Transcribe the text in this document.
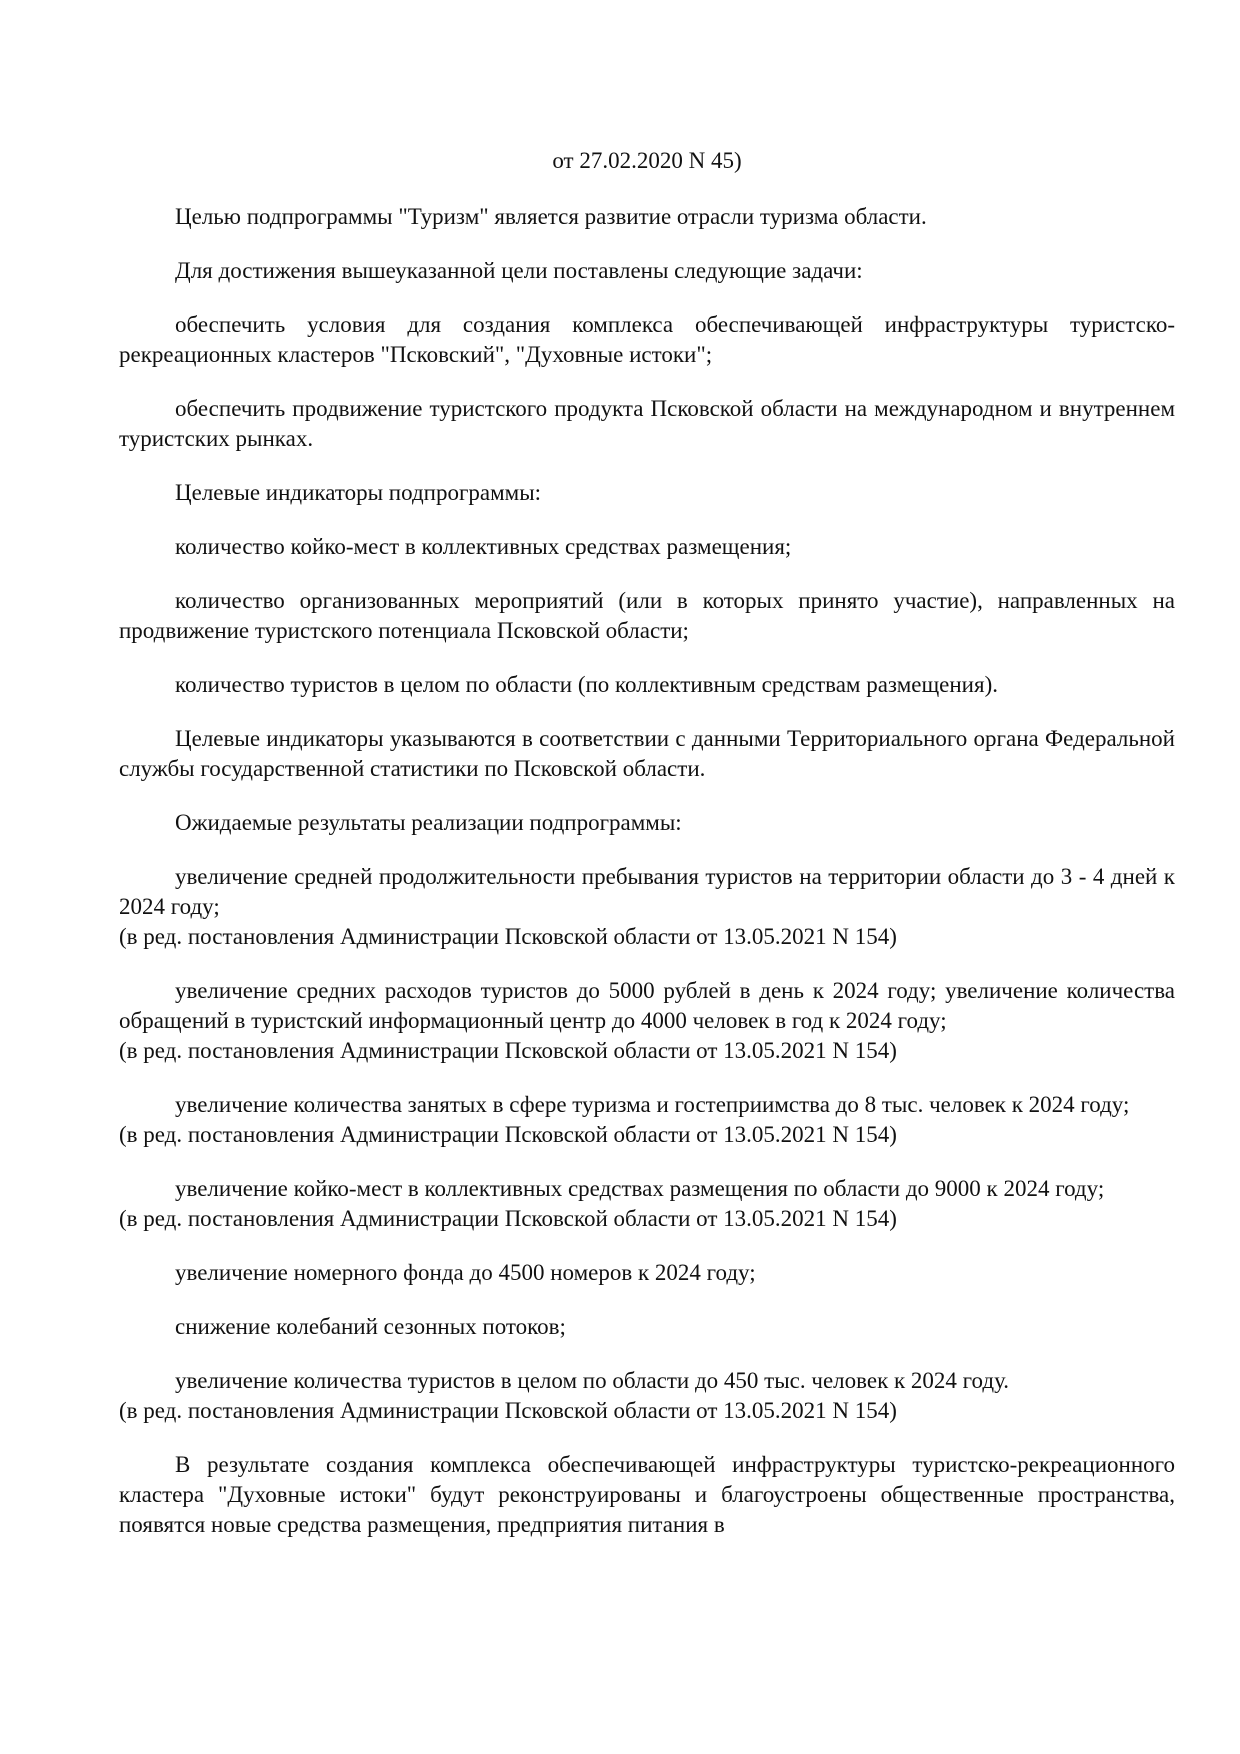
от 27.02.2020 N 45)

Целью подпрограммы "Туризм" является развитие отрасли туризма области.

Для достижения вышеуказанной цели поставлены следующие задачи:

обеспечить условия для создания комплекса обеспечивающей инфраструктуры туристско-рекреационных кластеров "Псковский", "Духовные истоки";

обеспечить продвижение туристского продукта Псковской области на международном и внутреннем туристских рынках.

Целевые индикаторы подпрограммы:

количество койко-мест в коллективных средствах размещения;

количество организованных мероприятий (или в которых принято участие), направленных на продвижение туристского потенциала Псковской области;

количество туристов в целом по области (по коллективным средствам размещения).

Целевые индикаторы указываются в соответствии с данными Территориального органа Федеральной службы государственной статистики по Псковской области.

Ожидаемые результаты реализации подпрограммы:

увеличение средней продолжительности пребывания туристов на территории области до 3 - 4 дней к 2024 году;
(в ред. постановления Администрации Псковской области от 13.05.2021 N 154)
увеличение средних расходов туристов до 5000 рублей в день к 2024 году; увеличение количества обращений в туристский информационный центр до 4000 человек в год к 2024 году;
(в ред. постановления Администрации Псковской области от 13.05.2021 N 154)
увеличение количества занятых в сфере туризма и гостеприимства до 8 тыс. человек к 2024 году;
(в ред. постановления Администрации Псковской области от 13.05.2021 N 154)
увеличение койко-мест в коллективных средствах размещения по области до 9000 к 2024 году;
(в ред. постановления Администрации Псковской области от 13.05.2021 N 154)

увеличение номерного фонда до 4500 номеров к 2024 году;

снижение колебаний сезонных потоков;

увеличение количества туристов в целом по области до 450 тыс. человек к 2024 году.
(в ред. постановления Администрации Псковской области от 13.05.2021 N 154)

В результате создания комплекса обеспечивающей инфраструктуры туристско-рекреационного кластера "Духовные истоки" будут реконструированы и благоустроены общественные пространства, появятся новые средства размещения, предприятия питания в
